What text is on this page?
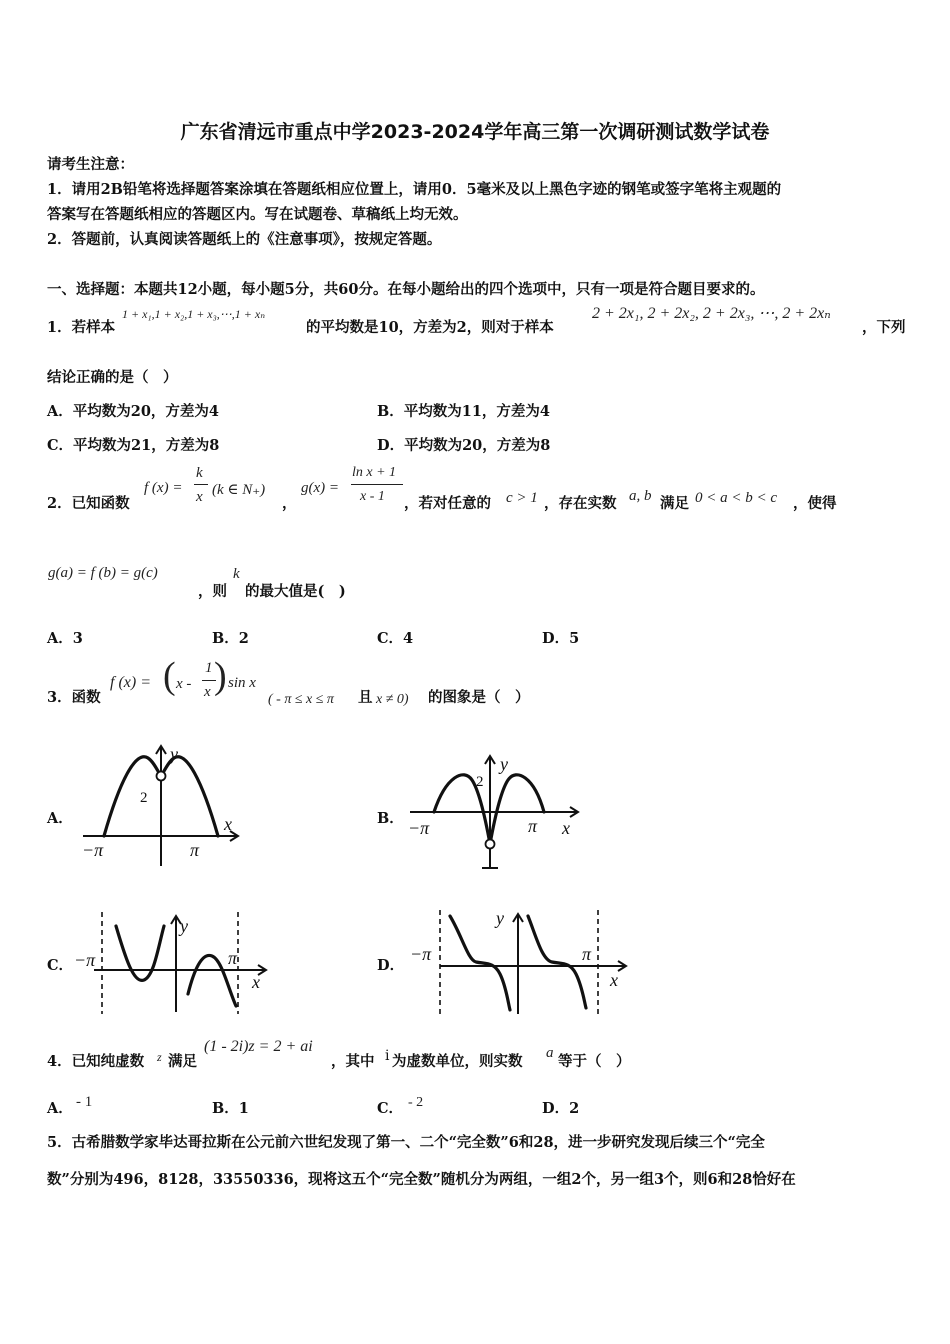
广东省清远市重点中学2023-2024学年高三第一次调研测试数学试卷
请考生注意：
1．请用2B铅笔将选择题答案涂填在答题纸相应位置上，请用0．5毫米及以上黑色字迹的钢笔或签字笔将主观题的
答案写在答题纸相应的答题区内。写在试题卷、草稿纸上均无效。
2．答题前，认真阅读答题纸上的《注意事项》，按规定答题。
一、选择题：本题共12小题，每小题5分，共60分。在每小题给出的四个选项中，只有一项是符合题目要求的。
1．若样本
1 + x₁,1 + x₂,1 + x₃,⋯,1 + xₙ
的平均数是10，方差为2，则对于样本
2 + 2x₁, 2 + 2x₂, 2 + 2x₃, ⋯, 2 + 2xₙ
，下列
结论正确的是（　）
A．平均数为20，方差为4	B．平均数为11，方差为4
C．平均数为21，方差为8	D．平均数为20，方差为8
2．已知函数
f (x) =
k
x (k ∈ N₊)
，
g(x) =
ln x + 1
x - 1 ，若对任意的 c > 1 ，存在实数 a, b 满足 0 < a < b < c ，使得
g(a) = f (b) = g(c)
，则
k
的最大值是(　)
A．3	B．2	C．4	D．5
3．函数
f (x) = ( x -
1
x ) sin x
( - π ≤ x ≤ π 且 x ≠ 0) 的图象是（　）
A．	B．
C．	D．
y
x
2
−π	π
y
x
2
−π	π
y
x
−π	π
y
x
−π	π
4．已知纯虚数 z 满足
(1 - 2i)z = 2 + ai
，其中 i 为虚数单位，则实数 a 等于（　）
A． - 1	B．1	C． - 2	D．2
5．古希腊数学家毕达哥拉斯在公元前六世纪发现了第一、二个“完全数”6和28，进一步研究发现后续三个“完全
数”分别为496，8128，33550336，现将这五个“完全数”随机分为两组，一组2个，另一组3个，则6和28恰好在
